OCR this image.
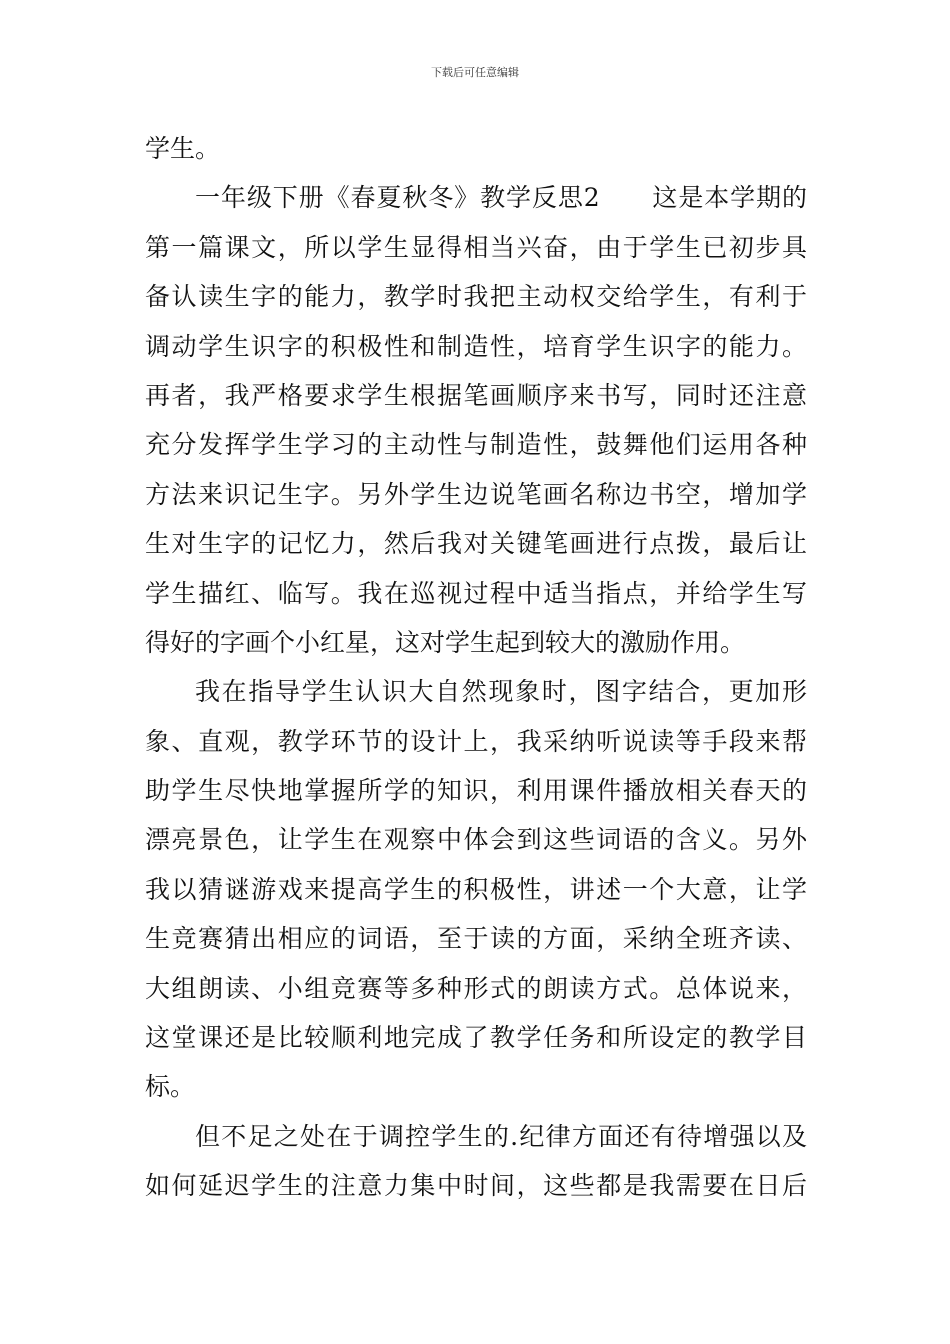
下载后可任意编辑
学生。
一年级下册《春夏秋冬》教学反思2　　这是本学期的
第一篇课文，所以学生显得相当兴奋，由于学生已初步具
备认读生字的能力，教学时我把主动权交给学生，有利于
调动学生识字的积极性和制造性，培育学生识字的能力。
再者，我严格要求学生根据笔画顺序来书写，同时还注意
充分发挥学生学习的主动性与制造性，鼓舞他们运用各种
方法来识记生字。另外学生边说笔画名称边书空，增加学
生对生字的记忆力，然后我对关键笔画进行点拨，最后让
学生描红、临写。我在巡视过程中适当指点，并给学生写
得好的字画个小红星，这对学生起到较大的激励作用。
我在指导学生认识大自然现象时，图字结合，更加形
象、直观，教学环节的设计上，我采纳听说读等手段来帮
助学生尽快地掌握所学的知识，利用课件播放相关春天的
漂亮景色，让学生在观察中体会到这些词语的含义。另外
我以猜谜游戏来提高学生的积极性，讲述一个大意，让学
生竞赛猜出相应的词语，至于读的方面，采纳全班齐读、
大组朗读、小组竞赛等多种形式的朗读方式。总体说来，
这堂课还是比较顺利地完成了教学任务和所设定的教学目
标。
但不足之处在于调控学生的.纪律方面还有待增强以及
如何延迟学生的注意力集中时间，这些都是我需要在日后
